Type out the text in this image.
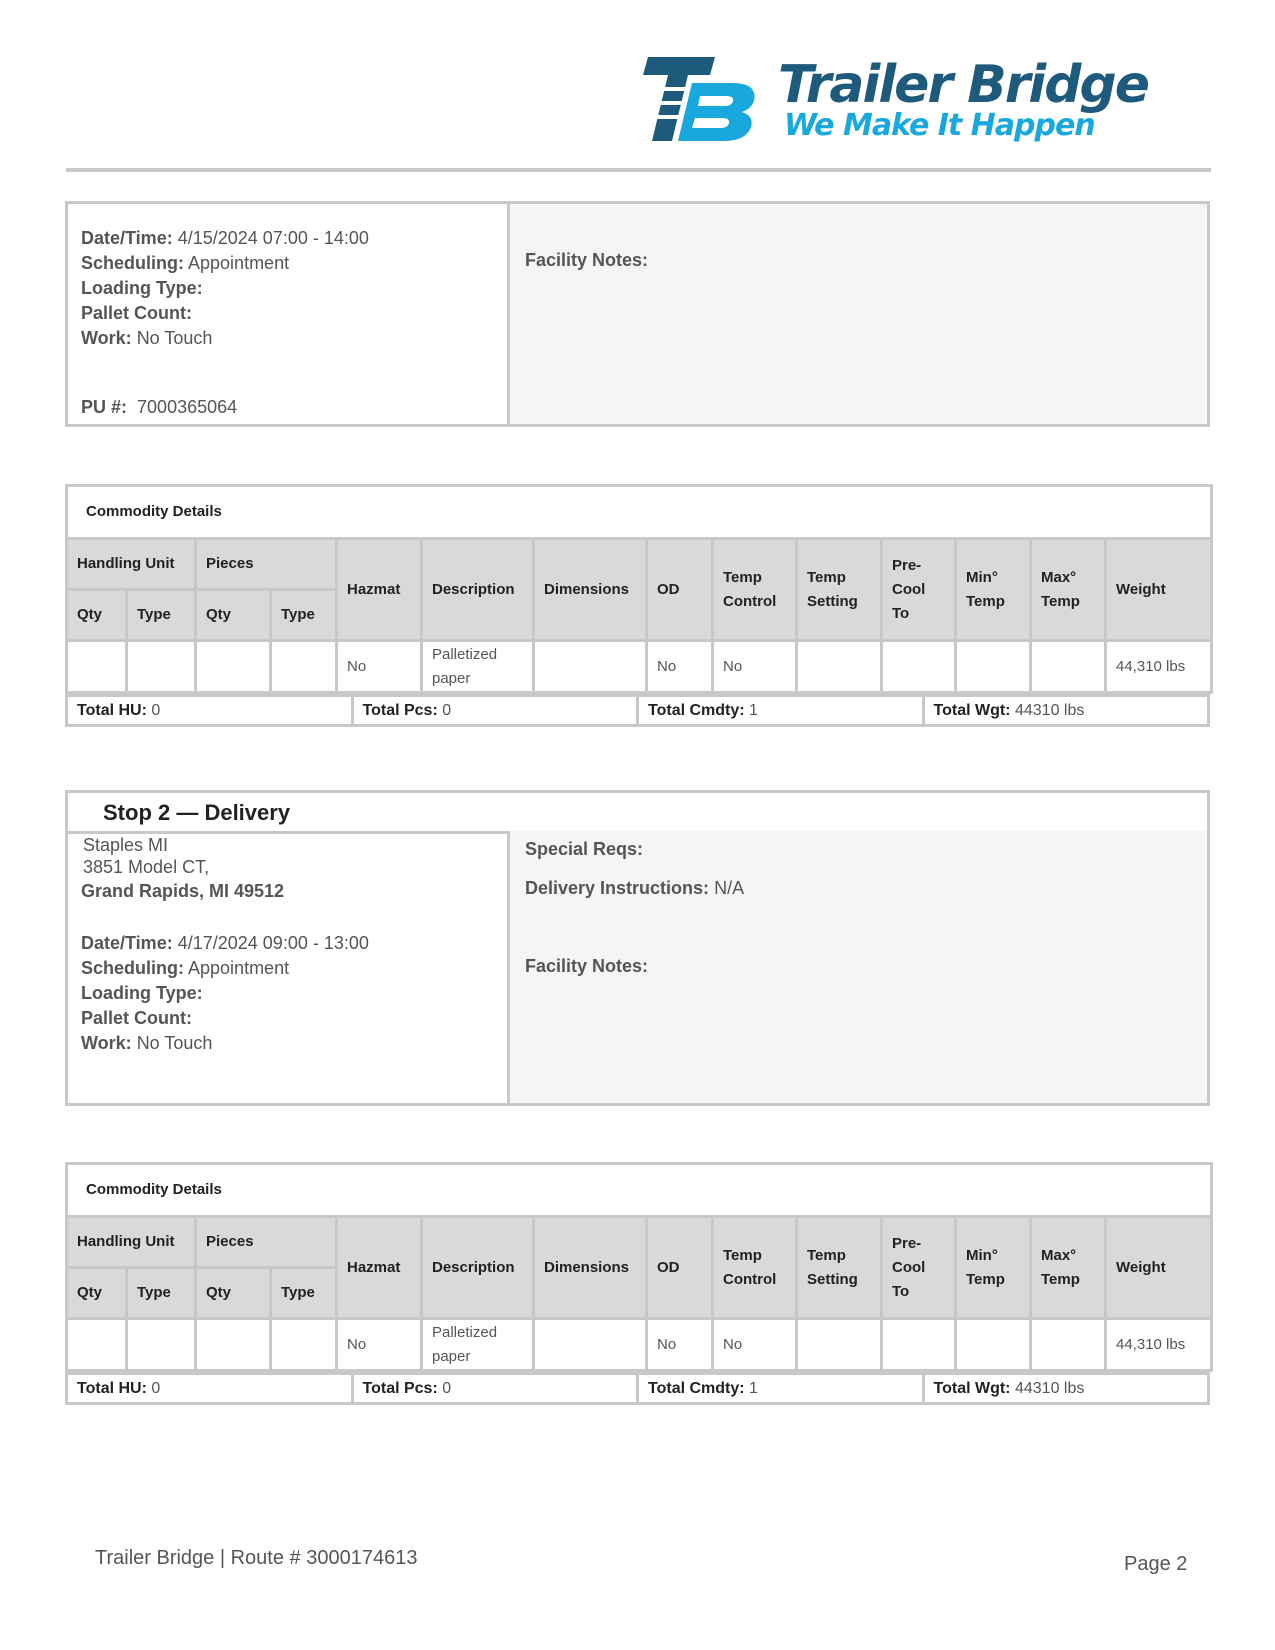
Trailer Bridge
We Make It Happen
Date/Time: 4/15/2024 07:00 - 14:00
Scheduling: Appointment
Loading Type:
Pallet Count:
Work: No Touch
PU #: 7000365064
Facility Notes:
Commodity Details													
Handling Unit		Pieces		Hazmat	Description	Dimensions	OD	Temp Control	Temp Setting	Pre- Cool To	Min° Temp	Max° Temp	Weight
Qty	Type	Qty	Type										
				No	Palletized paper		No	No					44,310 lbs
Total HU: 0	Total Pcs: 0	Total Cmdty: 1	Total Wgt: 44310 lbs
Stop 2 — Delivery
Staples MI
3851 Model CT,
Grand Rapids, MI 49512
Date/Time: 4/17/2024 09:00 - 13:00
Scheduling: Appointment
Loading Type:
Pallet Count:
Work: No Touch
Special Reqs:
Delivery Instructions: N/A
Facility Notes:
Commodity Details													
Handling Unit		Pieces		Hazmat	Description	Dimensions	OD	Temp Control	Temp Setting	Pre- Cool To	Min° Temp	Max° Temp	Weight
Qty	Type	Qty	Type										
				No	Palletized paper		No	No					44,310 lbs
Total HU: 0	Total Pcs: 0	Total Cmdty: 1	Total Wgt: 44310 lbs
Trailer Bridge | Route # 3000174613	Page 2
